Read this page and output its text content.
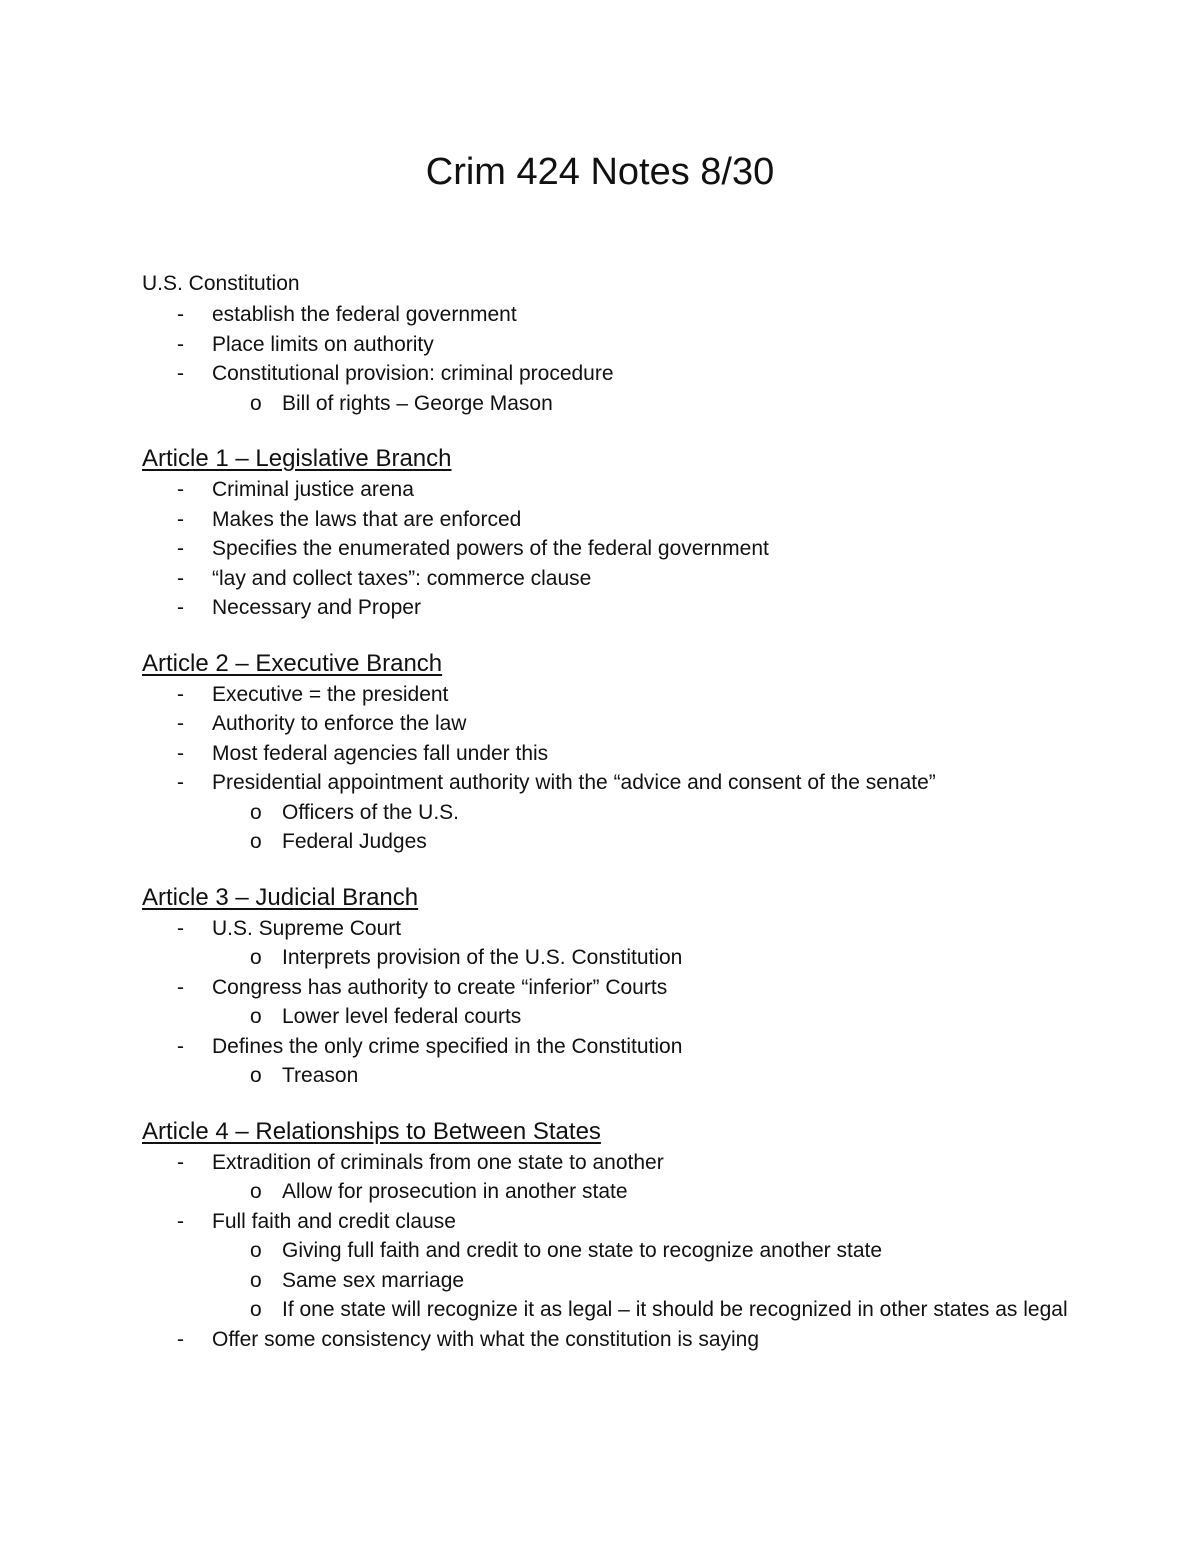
Crim 424 Notes 8/30
U.S. Constitution
- establish the federal government
- Place limits on authority
- Constitutional provision: criminal procedure
o Bill of rights – George Mason
Article 1 – Legislative Branch
- Criminal justice arena
- Makes the laws that are enforced
- Specifies the enumerated powers of the federal government
- “lay and collect taxes”: commerce clause
- Necessary and Proper
Article 2 – Executive Branch
- Executive = the president
- Authority to enforce the law
- Most federal agencies fall under this
- Presidential appointment authority with the “advice and consent of the senate”
o Officers of the U.S.
o Federal Judges
Article 3 – Judicial Branch
- U.S. Supreme Court
o Interprets provision of the U.S. Constitution
- Congress has authority to create “inferior” Courts
o Lower level federal courts
- Defines the only crime specified in the Constitution
o Treason
Article 4 – Relationships to Between States
- Extradition of criminals from one state to another
o Allow for prosecution in another state
- Full faith and credit clause
o Giving full faith and credit to one state to recognize another state
o Same sex marriage
o If one state will recognize it as legal – it should be recognized in other states as legal
- Offer some consistency with what the constitution is saying
